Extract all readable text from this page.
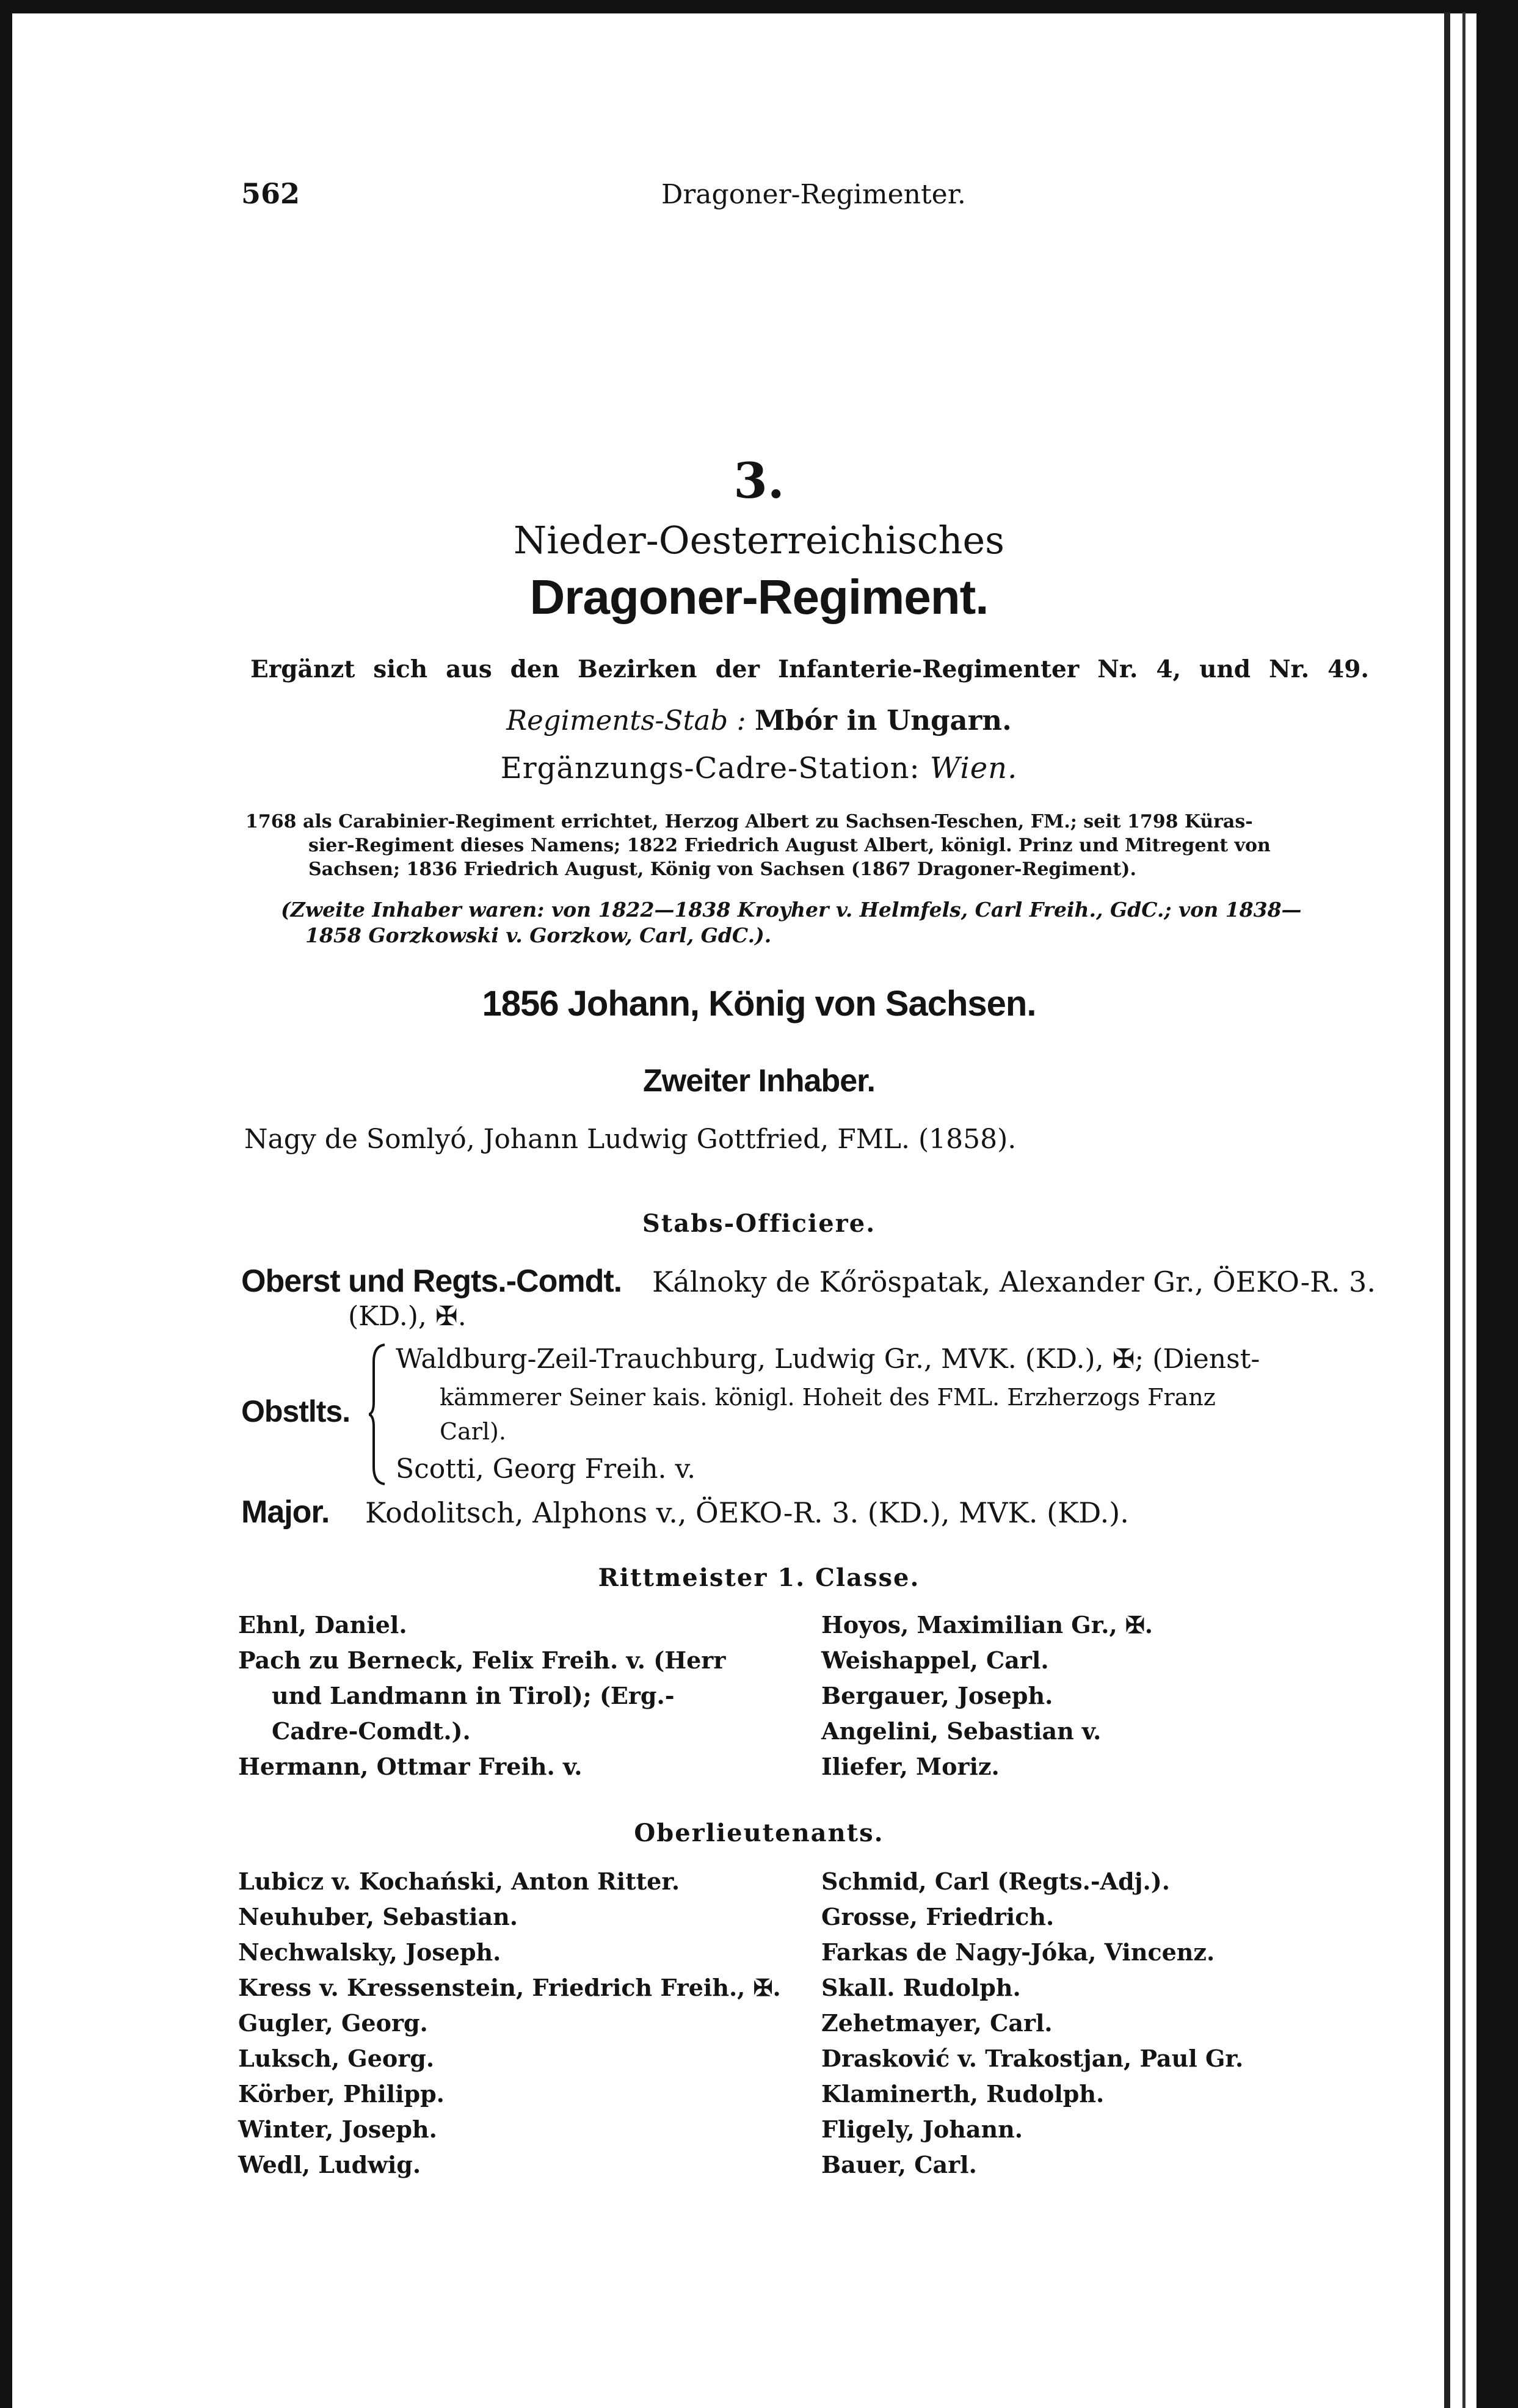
562	Dragoner-Regimenter.
3.
Nieder-Oesterreichisches
Dragoner-Regiment.
Ergänzt sich aus den Bezirken der Infanterie-Regimenter Nr. 4, und Nr. 49.
Regiments-Stab : Mbór in Ungarn.
Ergänzungs-Cadre-Station: Wien.
1768 als Carabinier-Regiment errichtet, Herzog Albert zu Sachsen-Teschen, FM.; seit 1798 Küras-
sier-Regiment dieses Namens; 1822 Friedrich August Albert, königl. Prinz und Mitregent von
Sachsen; 1836 Friedrich August, König von Sachsen (1867 Dragoner-Regiment).
(Zweite Inhaber waren: von 1822—1838 Kroyher v. Helmfels, Carl Freih., GdC.; von 1838—
1858 Gorzkowski v. Gorzkow, Carl, GdC.).
1856 Johann, König von Sachsen.
Zweiter Inhaber.
Nagy de Somlyó, Johann Ludwig Gottfried, FML. (1858).
Stabs-Officiere.
Oberst und Regts.-Comdt. Kálnoky de Kőröspatak, Alexander Gr., ÖEKO-R. 3.
(KD.), ✠.
Obstlts.
Waldburg-Zeil-Trauchburg, Ludwig Gr., MVK. (KD.), ✠; (Dienst-
kämmerer Seiner kais. königl. Hoheit des FML. Erzherzogs Franz
Carl).
Scotti, Georg Freih. v.
Major. Kodolitsch, Alphons v., ÖEKO-R. 3. (KD.), MVK. (KD.).
Rittmeister 1. Classe.
Ehnl, Daniel.
Pach zu Berneck, Felix Freih. v. (Herr
und Landmann in Tirol); (Erg.-
Cadre-Comdt.).
Hermann, Ottmar Freih. v.
Hoyos, Maximilian Gr., ✠.
Weishappel, Carl.
Bergauer, Joseph.
Angelini, Sebastian v.
Iliefer, Moriz.
Oberlieutenants.
Lubicz v. Kochański, Anton Ritter.
Neuhuber, Sebastian.
Nechwalsky, Joseph.
Kress v. Kressenstein, Friedrich Freih., ✠.
Gugler, Georg.
Luksch, Georg.
Körber, Philipp.
Winter, Joseph.
Wedl, Ludwig.
Schmid, Carl (Regts.-Adj.).
Grosse, Friedrich.
Farkas de Nagy-Jóka, Vincenz.
Skall. Rudolph.
Zehetmayer, Carl.
Drasković v. Trakostjan, Paul Gr.
Klaminerth, Rudolph.
Fligely, Johann.
Bauer, Carl.
